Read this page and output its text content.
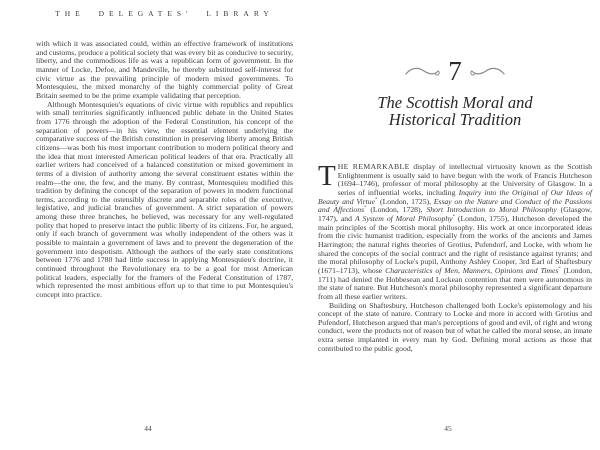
THE DELEGATES' LIBRARY

with which it was associated could, within an effective framework of institutions and customs, produce a political society that was every bit as conducive to security, liberty, and the commodious life as was a republican form of government. In the manner of Locke, Defoe, and Mandeville, he thereby substituted self-interest for civic virtue as the prevailing principle of modern mixed governments. To Montesquieu, the mixed monarchy of the highly commercial polity of Great Britain seemed to be the prime example validating that perception.

Although Montesquieu's equations of civic virtue with republics and republics with small territories significantly influenced public debate in the United States from 1776 through the adoption of the Federal Constitution, his concept of the separation of powers—in his view, the essential element underlying the comparative success of the British constitution in preserving liberty among British citizens—was both his most important contribution to modern political theory and the idea that most interested American political leaders of that era. Practically all earlier writers had conceived of a balanced constitution or mixed government in terms of a division of authority among the several constituent estates within the realm—the one, the few, and the many. By contrast, Montesquieu modified this tradition by defining the concept of the separation of powers in modern functional terms, according to the ostensibly discrete and separable roles of the executive, legislative, and judicial branches of government. A strict separation of powers among these three branches, he believed, was necessary for any well-regulated polity that hoped to preserve intact the public liberty of its citizens. For, he argued, only if each branch of government was wholly independent of the others was it possible to maintain a government of laws and to prevent the degeneration of the government into despotism. Although the authors of the early state constitutions between 1776 and 1780 had little success in applying Montesquieu's doctrine, it continued throughout the Revolutionary era to be a goal for most American political leaders, especially for the framers of the Federal Constitution of 1787, which represented the most ambitious effort up to that time to put Montesquieu's concept into practice.

44
7
The Scottish Moral and
Historical Tradition

THE REMARKABLE display of intellectual virtuosity known as the Scottish Enlightenment is usually said to have begun with the work of Francis Hutcheson (1694–1746), professor of moral philosophy at the University of Glasgow. In a series of influential works, including Inquiry into the Original of Our Ideas of Beauty and Virtue* (London, 1725), Essay on the Nature and Conduct of the Passions and Affections* (London, 1728), Short Introduction to Moral Philosophy (Glasgow, 1747), and A System of Moral Philosophy* (London, 1755), Hutcheson developed the main principles of the Scottish moral philosophy. His work at once incorporated ideas from the civic humanist tradition, especially from the works of the ancients and James Harrington; the natural rights theories of Grotius, Pufendorf, and Locke, with whom he shared the concepts of the social contract and the right of resistance against tyrants; and the moral philosophy of Locke's pupil, Anthony Ashley Cooper, 3rd Earl of Shaftesbury (1671–1713), whose Characteristics of Men, Manners, Opinions and Times* (London, 1711) had denied the Hobbesean and Lockean contention that men were autonomous in the state of nature. But Hutcheson's moral philosophy represented a significant departure from all these earlier writers.

Building on Shaftesbury, Hutcheson challenged both Locke's epistemology and his concept of the state of nature. Contrary to Locke and more in accord with Grotius and Pufendorf, Hutcheson argued that man's perceptions of good and evil, of right and wrong conduct, were the products not of reason but of what he called the moral sense, an innate extra sense implanted in every man by God. Defining moral actions as those that contributed to the public good,

45
